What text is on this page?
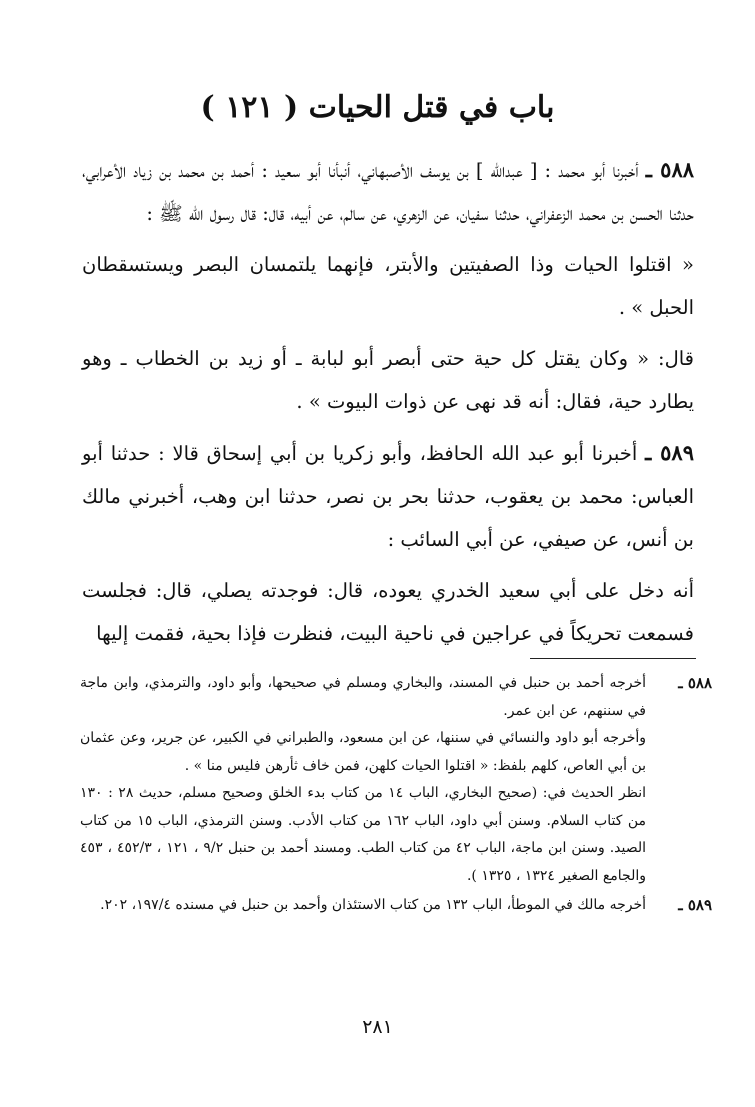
( ١٢١ ) باب في قتل الحيات

٥٨٨ ـ أخبرنا أبو محمد : [ عبدالله ] بن يوسف الأصبهاني، أنبأنا أبو سعيد : أحمد بن محمد بن زياد الأعرابي، حدثنا الحسن بن محمد الزعفراني، حدثنا سفيان، عن الزهري، عن سالم، عن أبيه، قال: قال رسول الله ﷺ :

« اقتلوا الحيات وذا الصفيتين والأبتر، فإنهما يلتمسان البصر ويستسقطان الحبل » .

قال: « وكان يقتل كل حية حتى أبصر أبو لبابة ـ أو زيد بن الخطاب ـ وهو يطارد حية، فقال: أنه قد نهى عن ذوات البيوت » .

٥٨٩ ـ أخبرنا أبو عبد الله الحافظ، وأبو زكريا بن أبي إسحاق قالا : حدثنا أبو العباس: محمد بن يعقوب، حدثنا بحر بن نصر، حدثنا ابن وهب، أخبرني مالك بن أنس، عن صيفي، عن أبي السائب :

أنه دخل على أبي سعيد الخدري يعوده، قال: فوجدته يصلي، قال: فجلست فسمعت تحريكاً في عراجين في ناحية البيت، فنظرت فإذا بحية، فقمت إليها

٥٨٨ ـ

أخرجه أحمد بن حنبل في المسند، والبخاري ومسلم في صحيحها، وأبو داود، والترمذي، وابن ماجة في سننهم، عن ابن عمر.

وأخرجه أبو داود والنسائي في سننها، عن ابن مسعود، والطبراني في الكبير، عن جرير، وعن عثمان بن أبي العاص، كلهم بلفظ: « اقتلوا الحيات كلهن، فمن خاف ثأرهن فليس منا » .

انظر الحديث في: (صحيح البخاري، الباب ١٤ من كتاب بدء الخلق وصحيح مسلم، حديث ٢٨ : ١٣٠ من كتاب السلام. وسنن أبي داود، الباب ١٦٢ من كتاب الأدب. وسنن الترمذي، الباب ١٥ من كتاب الصيد. وسنن ابن ماجة، الباب ٤٢ من كتاب الطب. ومسند أحمد بن حنبل ٩/٢ ، ١٢١ ، ٤٥٢/٣ ، ٤٥٣ والجامع الصغير ١٣٢٤ ، ١٣٢٥ ).

٥٨٩ ـ

أخرجه مالك في الموطأ، الباب ١٣٢ من كتاب الاستئذان وأحمد بن حنبل في مسنده ١٩٧/٤، ٢٠٢.

٢٨١
